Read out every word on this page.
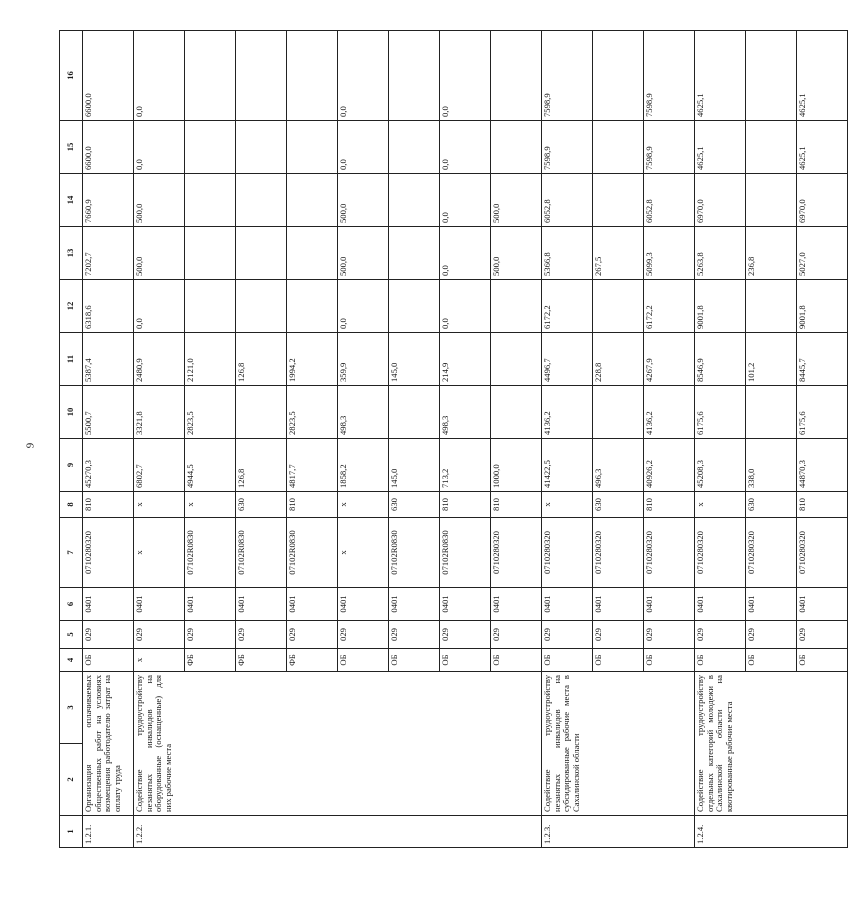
9
1	2	3	4	5	6	7	8	9	10	11	12	13	14	15	16
1.2.1.	Организация оплачиваемых общественных работ на условиях возмещения работодателю затрат на оплату труда		ОБ	029	0401	0710280320	810	45270,3	5500,7	5387,4	6318,6	7202,7	7660,9	6600,0	6600,0
1.2.2.	Содействие трудоустройству незанятых инвалидов на оборудованные (оснащенные) для них рабочие места		х	029	0401	х	х	6802,7	3321,8	2480,9	0,0	500,0	500,0	0,0	0,0
			ФБ	029	0401	07102R0830	х	4944,5	2823,5	2121,0					
			ФБ	029	0401	07102R0830	630	126,8		126,8					
			ФБ	029	0401	07102R0830	810	4817,7	2823,5	1994,2					
			ОБ	029	0401	х	х	1858,2	498,3	359,9	0,0	500,0	500,0	0,0	0,0
			ОБ	029	0401	07102R0830	630	145,0		145,0					
			ОБ	029	0401	07102R0830	810	713,2	498,3	214,9	0,0	0,0	0,0	0,0	0,0
			ОБ	029	0401	0710280320	810	1000,0				500,0	500,0		
1.2.3.	Содействие трудоустройству незанятых инвалидов на субсидированные рабочие места в Сахалинской области		ОБ	029	0401	0710280320	х	41422,5	4136,2	4496,7	6172,2	5366,8	6052,8	7598,9	7598,9
			ОБ	029	0401	0710280320	630	496,3		228,8		267,5			
			ОБ	029	0401	0710280320	810	40926,2	4136,2	4267,9	6172,2	5099,3	6052,8	7598,9	7598,9
1.2.4.	Содействие трудоустройству отдельных категорий молодежи в Сахалинской области на квотированные рабочие места		ОБ	029	0401	0710280320	х	45208,3	6175,6	8546,9	9001,8	5263,8	6970,0	4625,1	4625,1
			ОБ	029	0401	0710280320	630	338,0		101,2		236,8			
			ОБ	029	0401	0710280320	810	44870,3	6175,6	8445,7	9001,8	5027,0	6970,0	4625,1	4625,1
